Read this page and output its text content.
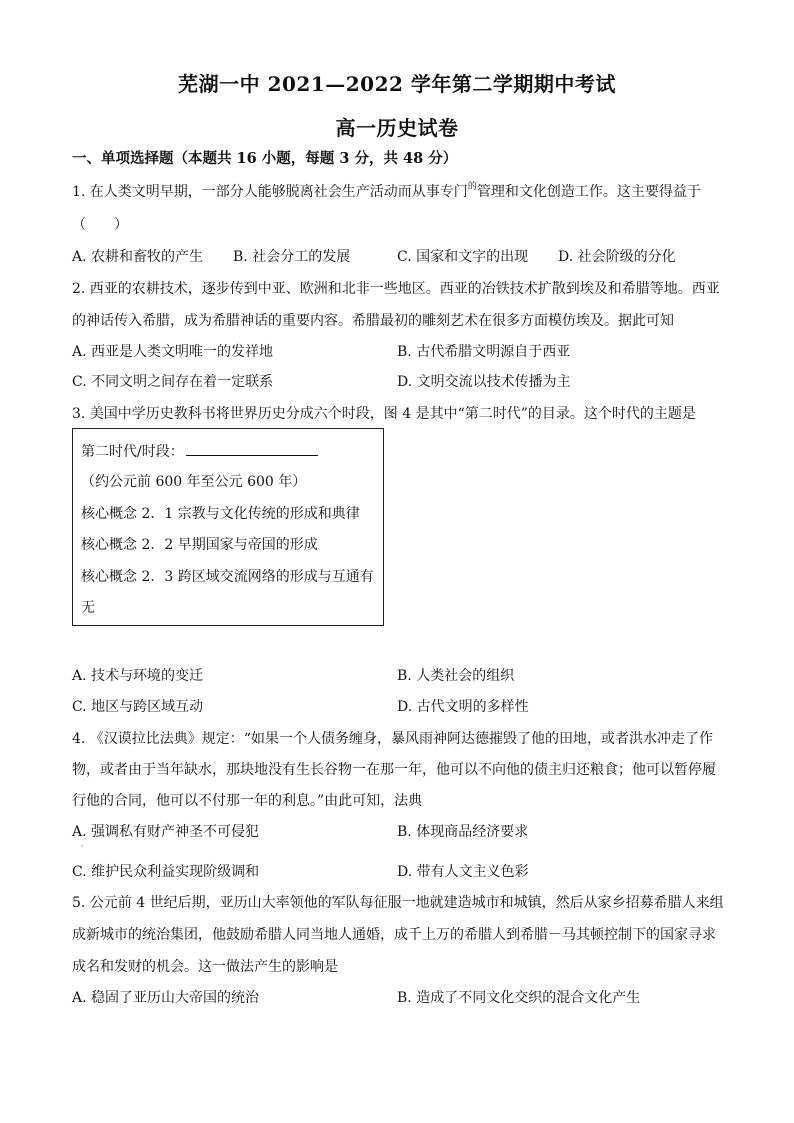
芜湖一中 2021—2022 学年第二学期期中考试
高一历史试卷
一、单项选择题（本题共 16 小题，每题 3 分，共 48 分）
1. 在人类文明早期，一部分人能够脱离社会生产活动而从事专门$^的$管理和文化创造工作。这主要得益于
（　　）
A. 农耕和畜牧的产生 B. 社会分工的发展	C. 国家和文字的出现 D. 社会阶级的分化
2. 西亚的农耕技术，逐步传到中亚、欧洲和北非一些地区。西亚的冶铁技术扩散到埃及和希腊等地。西亚
的神话传入希腊，成为希腊神话的重要内容。希腊最初的雕刻艺术在很多方面模仿埃及。据此可知
A. 西亚是人类文明唯一的发祥地	B. 古代希腊文明源自于西亚
C. 不同文明之间存在着一定联系	D. 文明交流以技术传播为主
3. 美国中学历史教科书将世界历史分成六个时段，图 4 是其中“第二时代”的目录。这个时代的主题是
第二时代/时段：
（约公元前 600 年至公元 600 年）
核心概念 2．1 宗教与文化传统的形成和典律
核心概念 2．2 早期国家与帝国的形成
核心概念 2．3 跨区域交流网络的形成与互通有
无
A. 技术与环境的变迁	B. 人类社会的组织
C. 地区与跨区域互动	D. 古代文明的多样性
4. 《汉谟拉比法典》规定：“如果一个人债务缠身，暴风雨神阿达德摧毁了他的田地，或者洪水冲走了作
物，或者由于当年缺水，那块地没有生长谷物一在那一年，他可以不向他的债主归还粮食；他可以暂停履
行他的合同，他可以不付那一年的利息。”由此可知，法典
A. 强调私有财产神圣不可侵犯	B. 体现商品经济要求
·
C. 维护民众利益实现阶级调和	D. 带有人文主义色彩
5. 公元前 4 世纪后期，亚历山大率领他的军队每征服一地就建造城市和城镇，然后从家乡招募希腊人来组
成新城市的统治集团，他鼓励希腊人同当地人通婚，成千上万的希腊人到希腊－马其顿控制下的国家寻求
成名和发财的机会。这一做法产生的影响是
A. 稳固了亚历山大帝国的统治	B. 造成了不同文化交织的混合文化产生
